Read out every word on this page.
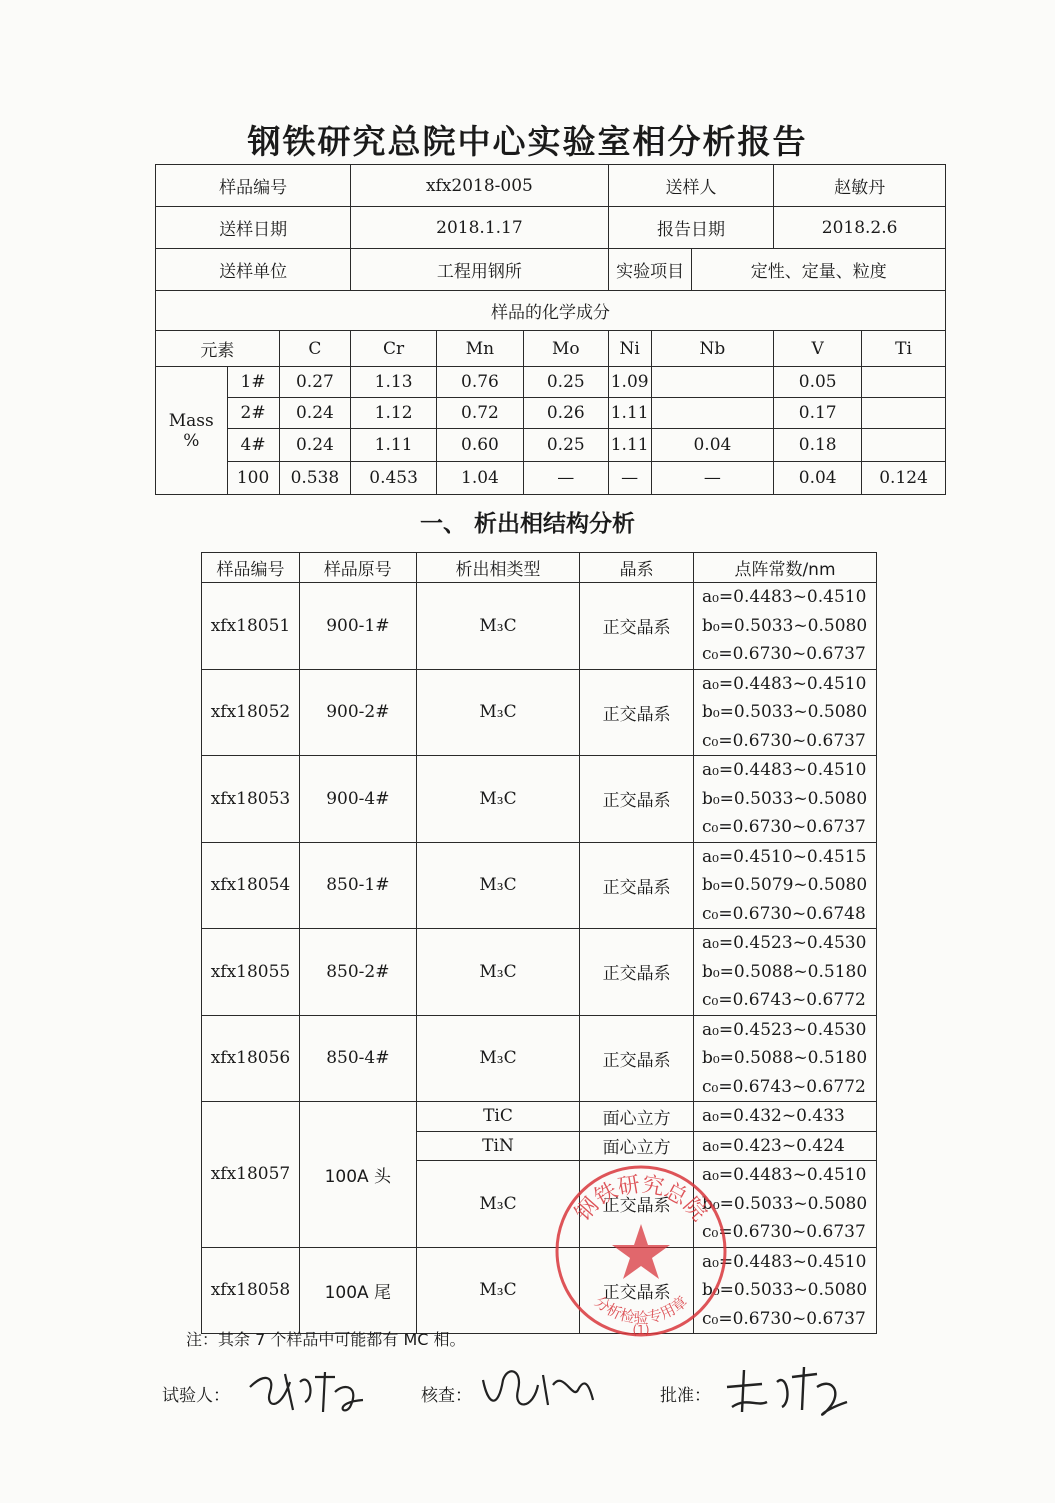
钢铁研究总院中心实验室相分析报告
样品编号			xfx2018-005			送样人			赵敏丹	
送样日期			2018.1.17			报告日期			2018.2.6	
送样单位			工程用钢所			实验项目		定性、定量、粒度		
样品的化学成分										
元素		C	Cr	Mn	Mo	Ni	Nb		V	Ti
Mass
%	1#	0.27	1.13	0.76	0.25	1.09			0.05	
	2#	0.24	1.12	0.72	0.26	1.11			0.17	
	4#	0.24	1.11	0.60	0.25	1.11	0.04		0.18	
	100	0.538	0.453	1.04	—	—	—		0.04	0.124
一、 析出相结构分析
样品编号	样品原号	析出相类型	晶系	点阵常数/nm
xfx18051	900-1#	M₃C	正交晶系	a₀=0.4483~0.4510
b₀=0.5033~0.5080
c₀=0.6730~0.6737

xfx18052	900-2#	M₃C	正交晶系	a₀=0.4483~0.4510
b₀=0.5033~0.5080
c₀=0.6730~0.6737

xfx18053	900-4#	M₃C	正交晶系	a₀=0.4483~0.4510
b₀=0.5033~0.5080
c₀=0.6730~0.6737

xfx18054	850-1#	M₃C	正交晶系	a₀=0.4510~0.4515
b₀=0.5079~0.5080
c₀=0.6730~0.6748

xfx18055	850-2#	M₃C	正交晶系	a₀=0.4523~0.4530
b₀=0.5088~0.5180
c₀=0.6743~0.6772

xfx18056	850-4#	M₃C	正交晶系	a₀=0.4523~0.4530
b₀=0.5088~0.5180
c₀=0.6743~0.6772

xfx18057	100A 头	TiC	面心立方	a₀=0.432~0.433
		TiN	面心立方	a₀=0.423~0.424
		M₃C	正交晶系	a₀=0.4483~0.4510
b₀=0.5033~0.5080
c₀=0.6730~0.6737

xfx18058	100A 尾	M₃C	正交晶系	a₀=0.4483~0.4510
b₀=0.5033~0.5080
c₀=0.6730~0.6737
注：其余 7 个样品中可能都有 MC 相。
试验人：	核查：	批准：
钢铁研究总院
分析检验专用章
(1)
